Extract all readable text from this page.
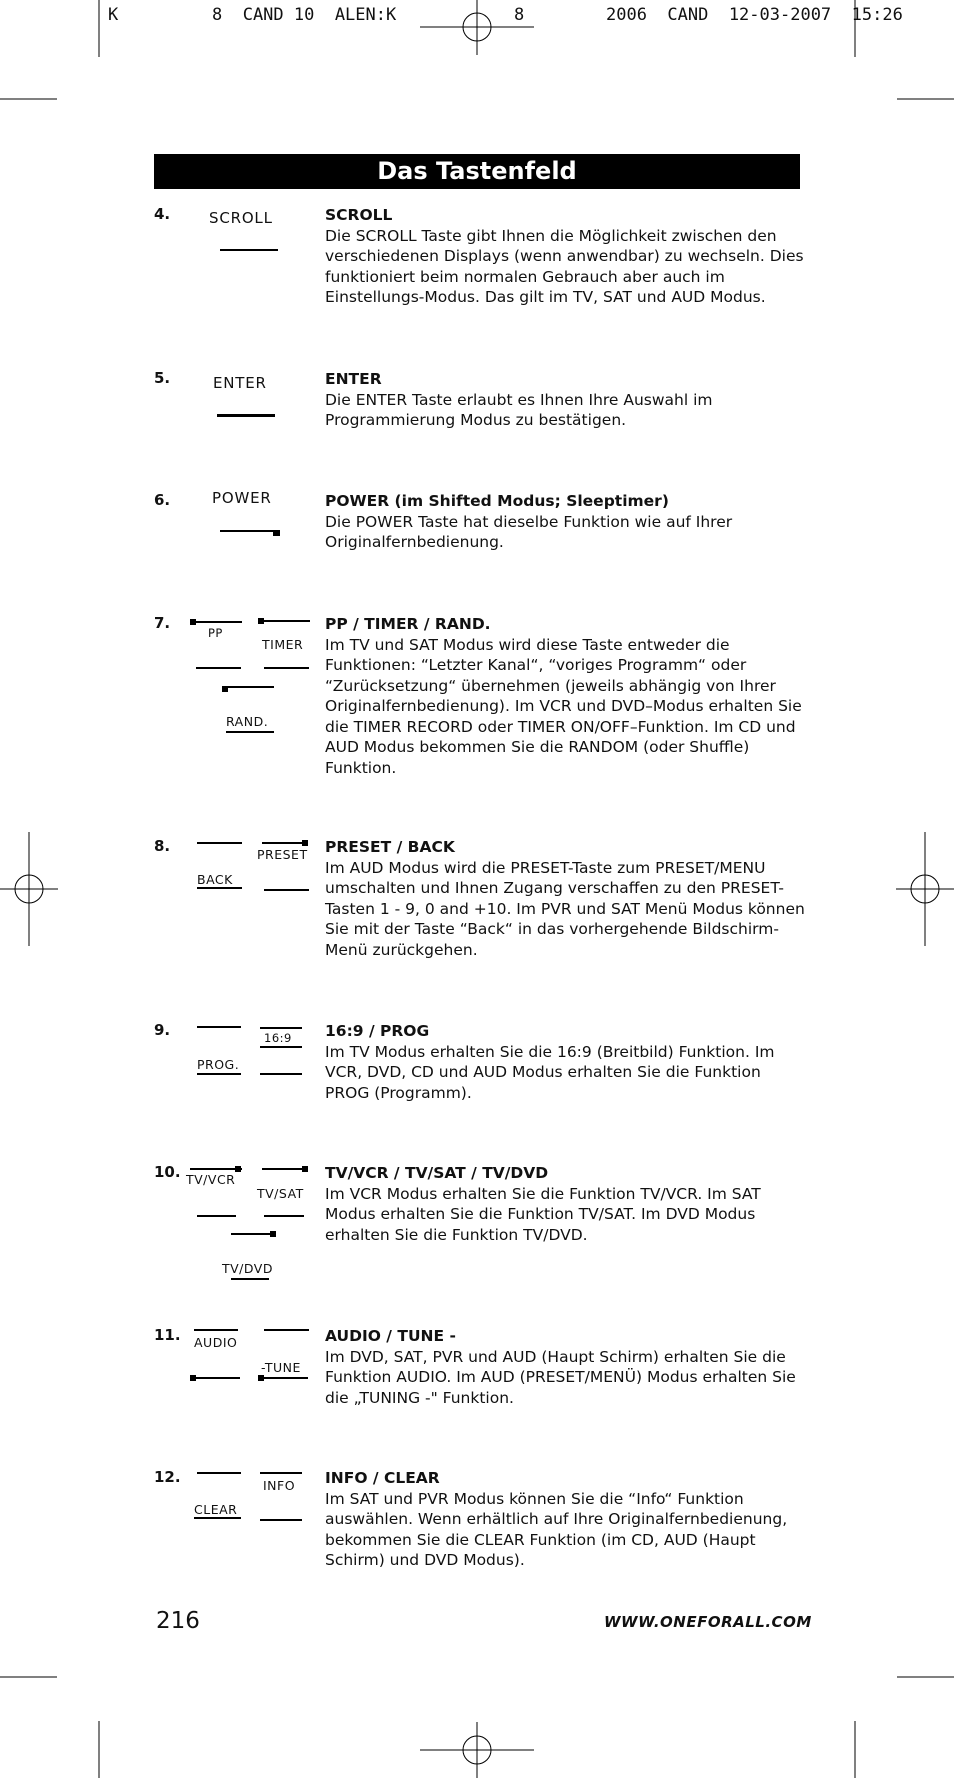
K	8  CAND 10  ALEN:K	8	2006  CAND  12-03-2007  15:26
Das Tastenfeld
4.	SCROLL	SCROLL
Die SCROLL Taste gibt Ihnen die Möglichkeit zwischen den verschiedenen Displays (wenn anwendbar) zu wechseln. Dies funktioniert beim normalen Gebrauch aber auch im Einstellungs-Modus. Das gilt im TV, SAT und AUD Modus.
5.	ENTER	ENTER
Die ENTER Taste erlaubt es Ihnen Ihre Auswahl im Programmierung Modus zu bestätigen.
6.	POWER	POWER (im Shifted Modus; Sleeptimer)
Die POWER Taste hat dieselbe Funktion wie auf Ihrer Originalfernbedienung.
7.
PP
TIMER
RAND.
PP / TIMER / RAND.
Im TV und SAT Modus wird diese Taste entweder die Funktionen: “Letzter Kanal“, “voriges Programm“ oder “Zurücksetzung“ übernehmen (jeweils abhängig von Ihrer Originalfernbedienung). Im VCR und DVD–Modus erhalten Sie die TIMER RECORD oder TIMER ON/OFF–Funktion. Im CD und AUD Modus bekommen Sie die RANDOM (oder Shuffle) Funktion.
8.	PRESET
BACK
PRESET / BACK
Im AUD Modus wird die PRESET-Taste zum PRESET/MENU umschalten und Ihnen Zugang verschaffen zu den PRESET- Tasten 1 - 9, 0 and +10. Im PVR und SAT Menü Modus können Sie mit der Taste “Back“ in das vorhergehende Bildschirm-Menü zurückgehen.
9.	16:9
PROG.
16:9 / PROG
Im TV Modus erhalten Sie die 16:9 (Breitbild) Funktion. Im VCR, DVD, CD und AUD Modus erhalten Sie die Funktion PROG (Programm).
10. TV/VCR
TV/SAT
TV/DVD
TV/VCR / TV/SAT / TV/DVD
Im VCR Modus erhalten Sie die Funktion TV/VCR. Im SAT Modus erhalten Sie die Funktion TV/SAT. Im DVD Modus erhalten Sie die Funktion TV/DVD.
11. AUDIO
-TUNE
AUDIO / TUNE -
Im DVD, SAT, PVR und AUD (Haupt Schirm) erhalten Sie die Funktion AUDIO. Im AUD (PRESET/MENÜ) Modus erhalten Sie die „TUNING -" Funktion.
12.	INFO
CLEAR
INFO / CLEAR
Im SAT und PVR Modus können Sie die “Info“ Funktion auswählen. Wenn erhältlich auf Ihre Originalfernbedienung, bekommen Sie die CLEAR Funktion (im CD, AUD (Haupt Schirm) und DVD Modus).
216	WWW.ONEFORALL.COM
